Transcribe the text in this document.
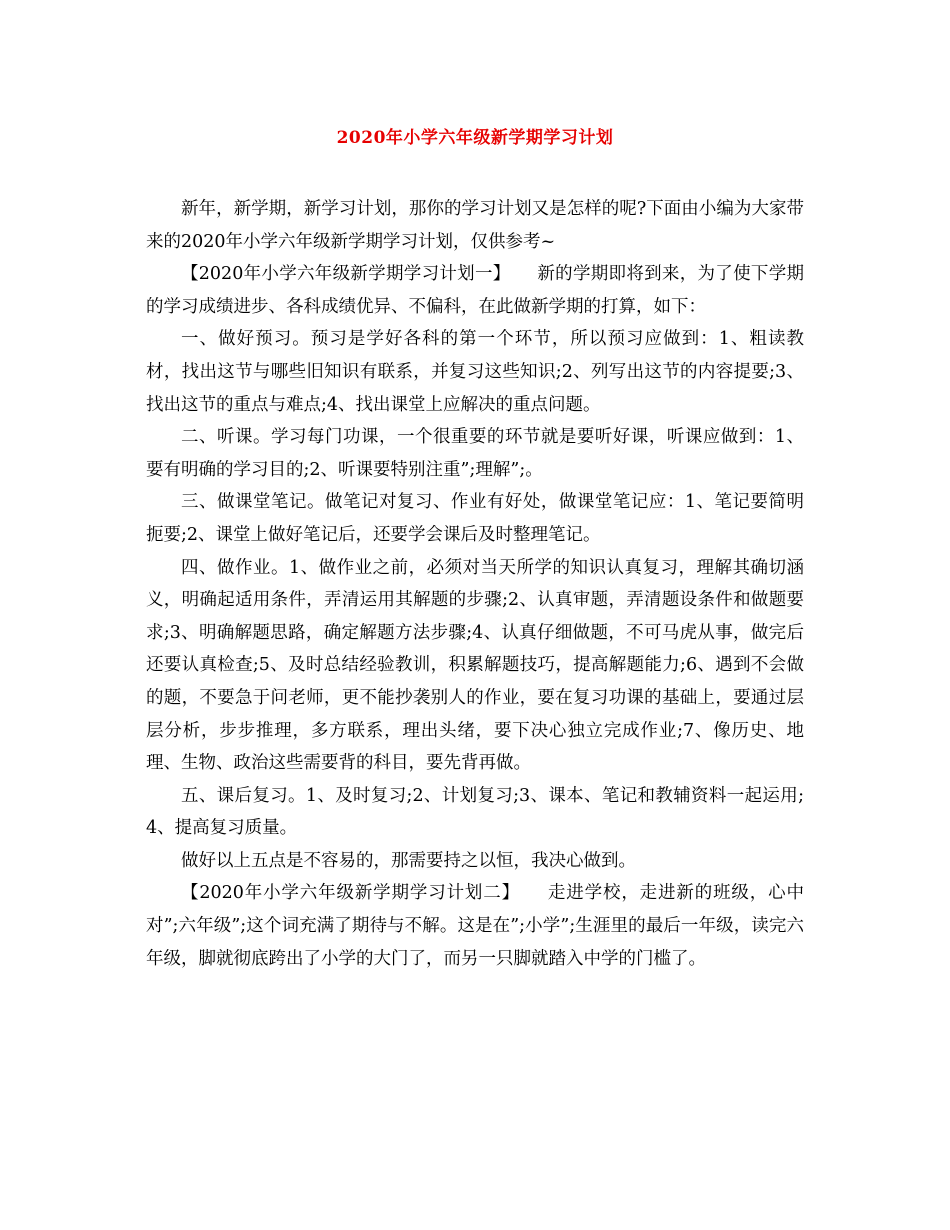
2020年小学六年级新学期学习计划

新年，新学期，新学习计划，那你的学习计划又是怎样的呢?下面由小编为大家带来的2020年小学六年级新学期学习计划，仅供参考~

【2020年小学六年级新学期学习计划一】　　新的学期即将到来，为了使下学期的学习成绩进步、各科成绩优异、不偏科，在此做新学期的打算，如下：

一、做好预习。预习是学好各科的第一个环节，所以预习应做到：1、粗读教材，找出这节与哪些旧知识有联系，并复习这些知识;2、列写出这节的内容提要;3、找出这节的重点与难点;4、找出课堂上应解决的重点问题。

二、听课。学习每门功课，一个很重要的环节就是要听好课，听课应做到：1、要有明确的学习目的;2、听课要特别注重”;理解”;。

三、做课堂笔记。做笔记对复习、作业有好处，做课堂笔记应：1、笔记要简明扼要;2、课堂上做好笔记后，还要学会课后及时整理笔记。

四、做作业。1、做作业之前，必须对当天所学的知识认真复习，理解其确切涵义，明确起适用条件，弄清运用其解题的步骤;2、认真审题，弄清题设条件和做题要求;3、明确解题思路，确定解题方法步骤;4、认真仔细做题，不可马虎从事，做完后还要认真检查;5、及时总结经验教训，积累解题技巧，提高解题能力;6、遇到不会做的题，不要急于问老师，更不能抄袭别人的作业，要在复习功课的基础上，要通过层层分析，步步推理，多方联系，理出头绪，要下决心独立完成作业;7、像历史、地理、生物、政治这些需要背的科目，要先背再做。

五、课后复习。1、及时复习;2、计划复习;3、课本、笔记和教辅资料一起运用;4、提高复习质量。

做好以上五点是不容易的，那需要持之以恒，我决心做到。

【2020年小学六年级新学期学习计划二】　　走进学校，走进新的班级，心中对”;六年级”;这个词充满了期待与不解。这是在”;小学”;生涯里的最后一年级，读完六年级，脚就彻底跨出了小学的大门了，而另一只脚就踏入中学的门槛了。
